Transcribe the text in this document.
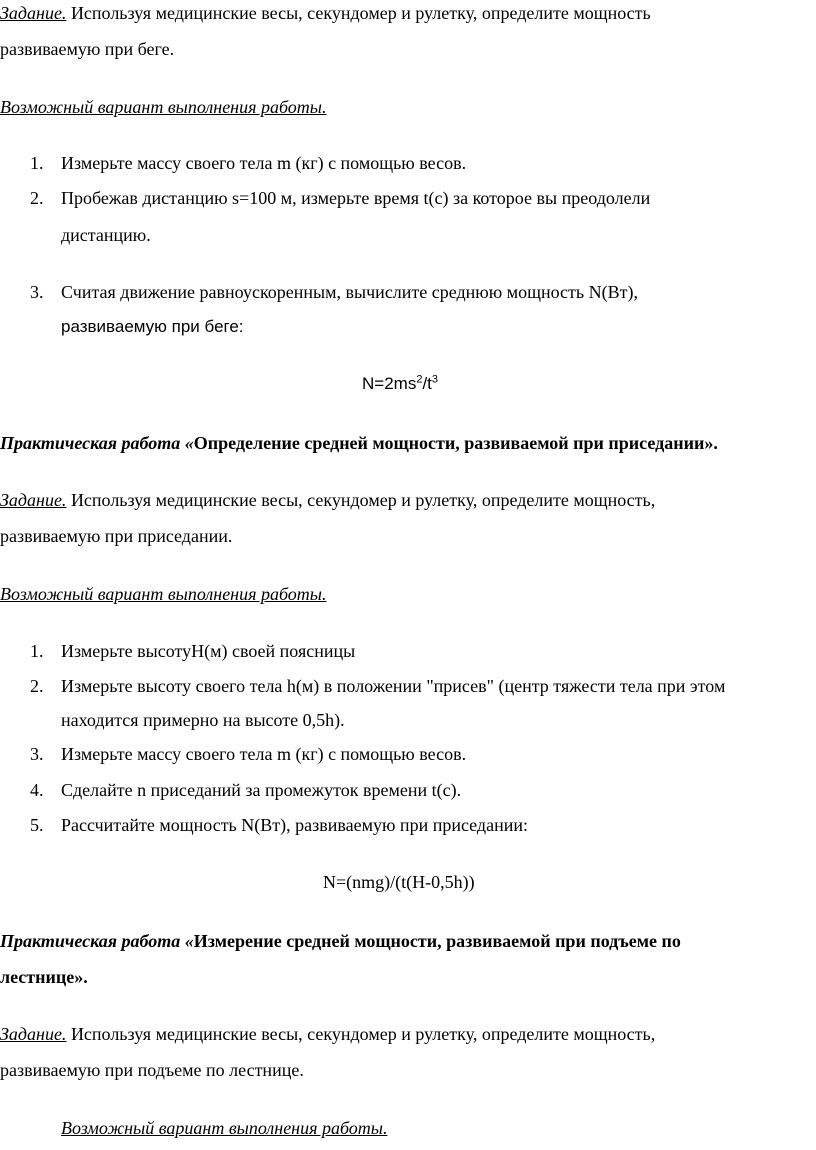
Задание. Используя медицинские весы, секундомер и рулетку, определите мощность
развиваемую при беге.
Возможный вариант выполнения работы.
1. Измерьте массу своего тела m (кг) с помощью весов.
2. Пробежав дистанцию s=100 м, измерьте время t(с) за которое вы преодолели
дистанцию.
3. Считая движение равноускоренным, вычислите среднюю мощность N(Вт),
развиваемую при беге:
$N=2ms^2/t^3$
Практическая работа «Определение средней мощности, развиваемой при приседании».
Задание. Используя медицинские весы, секундомер и рулетку, определите мощность,
развиваемую при приседании.
Возможный вариант выполнения работы.
1. Измерьте высотуН(м) своей поясницы
2. Измерьте высоту своего тела h(м) в положении "присев" (центр тяжести тела при этом
находится примерно на высоте 0,5h).
3. Измерьте массу своего тела m (кг) с помощью весов.
4. Сделайте n приседаний за промежуток времени t(с).
5. Рассчитайте мощность N(Вт), развиваемую при приседании:
N=(nmg)/(t(H-0,5h))
Практическая работа «Измерение средней мощности, развиваемой при подъеме по
лестнице».
Задание. Используя медицинские весы, секундомер и рулетку, определите мощность,
развиваемую при подъеме по лестнице.
Возможный вариант выполнения работы.
